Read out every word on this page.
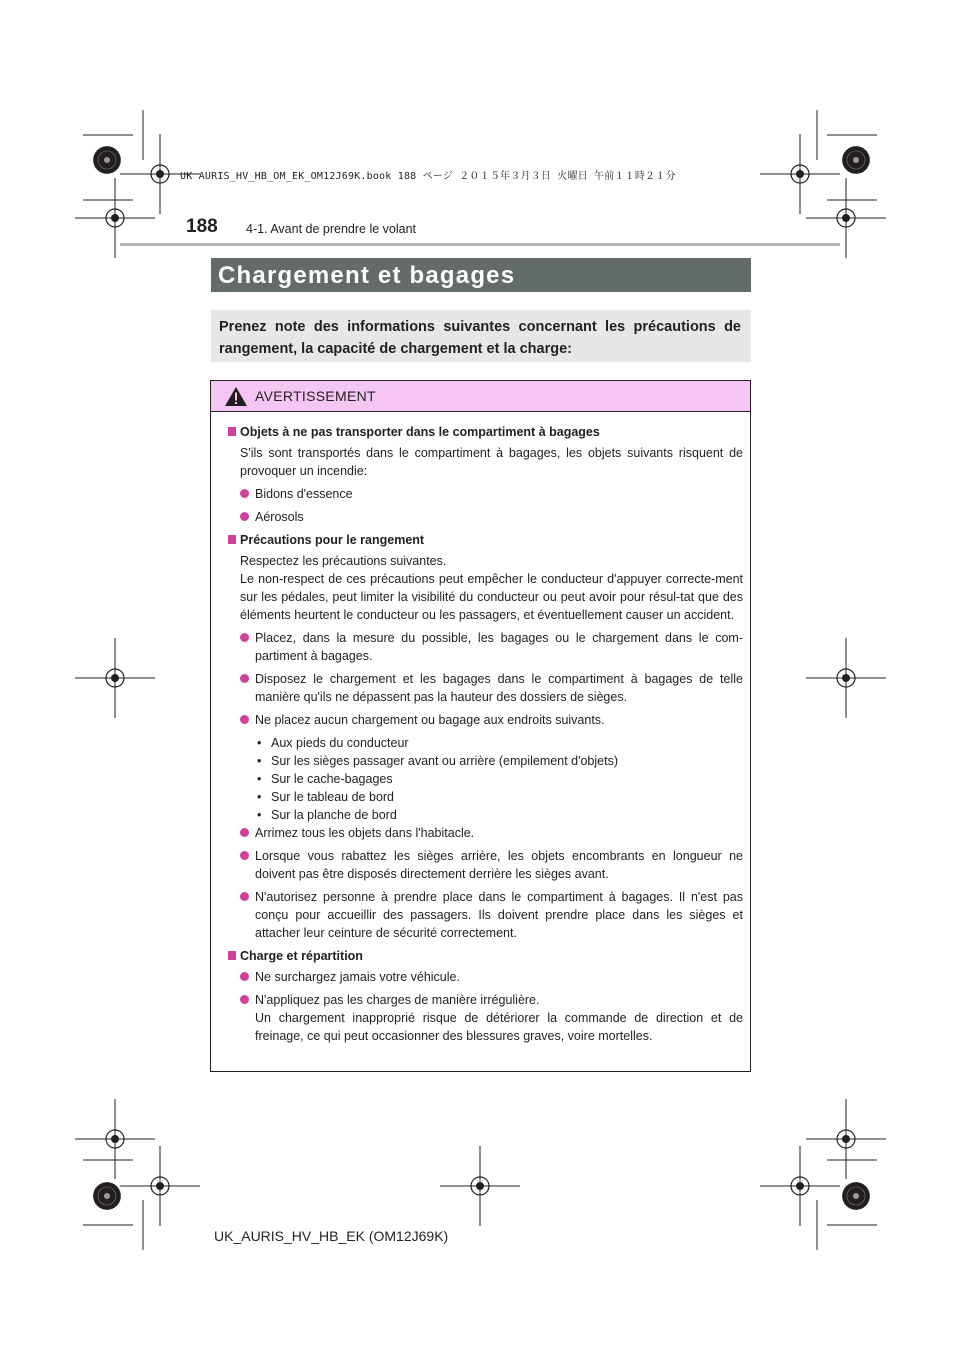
UK AURIS_HV_HB_OM_EK_OM12J69K.book 188 ページ ２０１５年３月３日 火曜日 午前１１時２１分
188 4-1. Avant de prendre le volant
Chargement et bagages
Prenez note des informations suivantes concernant les précautions de rangement, la capacité de chargement et la charge:
AVERTISSEMENT
Objets à ne pas transporter dans le compartiment à bagages
S'ils sont transportés dans le compartiment à bagages, les objets suivants risquent de provoquer un incendie:
Bidons d'essence
Aérosols
Précautions pour le rangement
Respectez les précautions suivantes.
Le non-respect de ces précautions peut empêcher le conducteur d'appuyer correcte-ment sur les pédales, peut limiter la visibilité du conducteur ou peut avoir pour résul-tat que des éléments heurtent le conducteur ou les passagers, et éventuellement causer un accident.
Placez, dans la mesure du possible, les bagages ou le chargement dans le com-partiment à bagages.
Disposez le chargement et les bagages dans le compartiment à bagages de telle manière qu'ils ne dépassent pas la hauteur des dossiers de sièges.
Ne placez aucun chargement ou bagage aux endroits suivants.
• Aux pieds du conducteur
• Sur les sièges passager avant ou arrière (empilement d'objets)
• Sur le cache-bagages
• Sur le tableau de bord
• Sur la planche de bord
Arrimez tous les objets dans l'habitacle.
Lorsque vous rabattez les sièges arrière, les objets encombrants en longueur ne doivent pas être disposés directement derrière les sièges avant.
N'autorisez personne à prendre place dans le compartiment à bagages. Il n'est pas conçu pour accueillir des passagers. Ils doivent prendre place dans les sièges et attacher leur ceinture de sécurité correctement.
Charge et répartition
Ne surchargez jamais votre véhicule.
N'appliquez pas les charges de manière irrégulière.
Un chargement inapproprié risque de détériorer la commande de direction et de freinage, ce qui peut occasionner des blessures graves, voire mortelles.
UK_AURIS_HV_HB_EK (OM12J69K)
